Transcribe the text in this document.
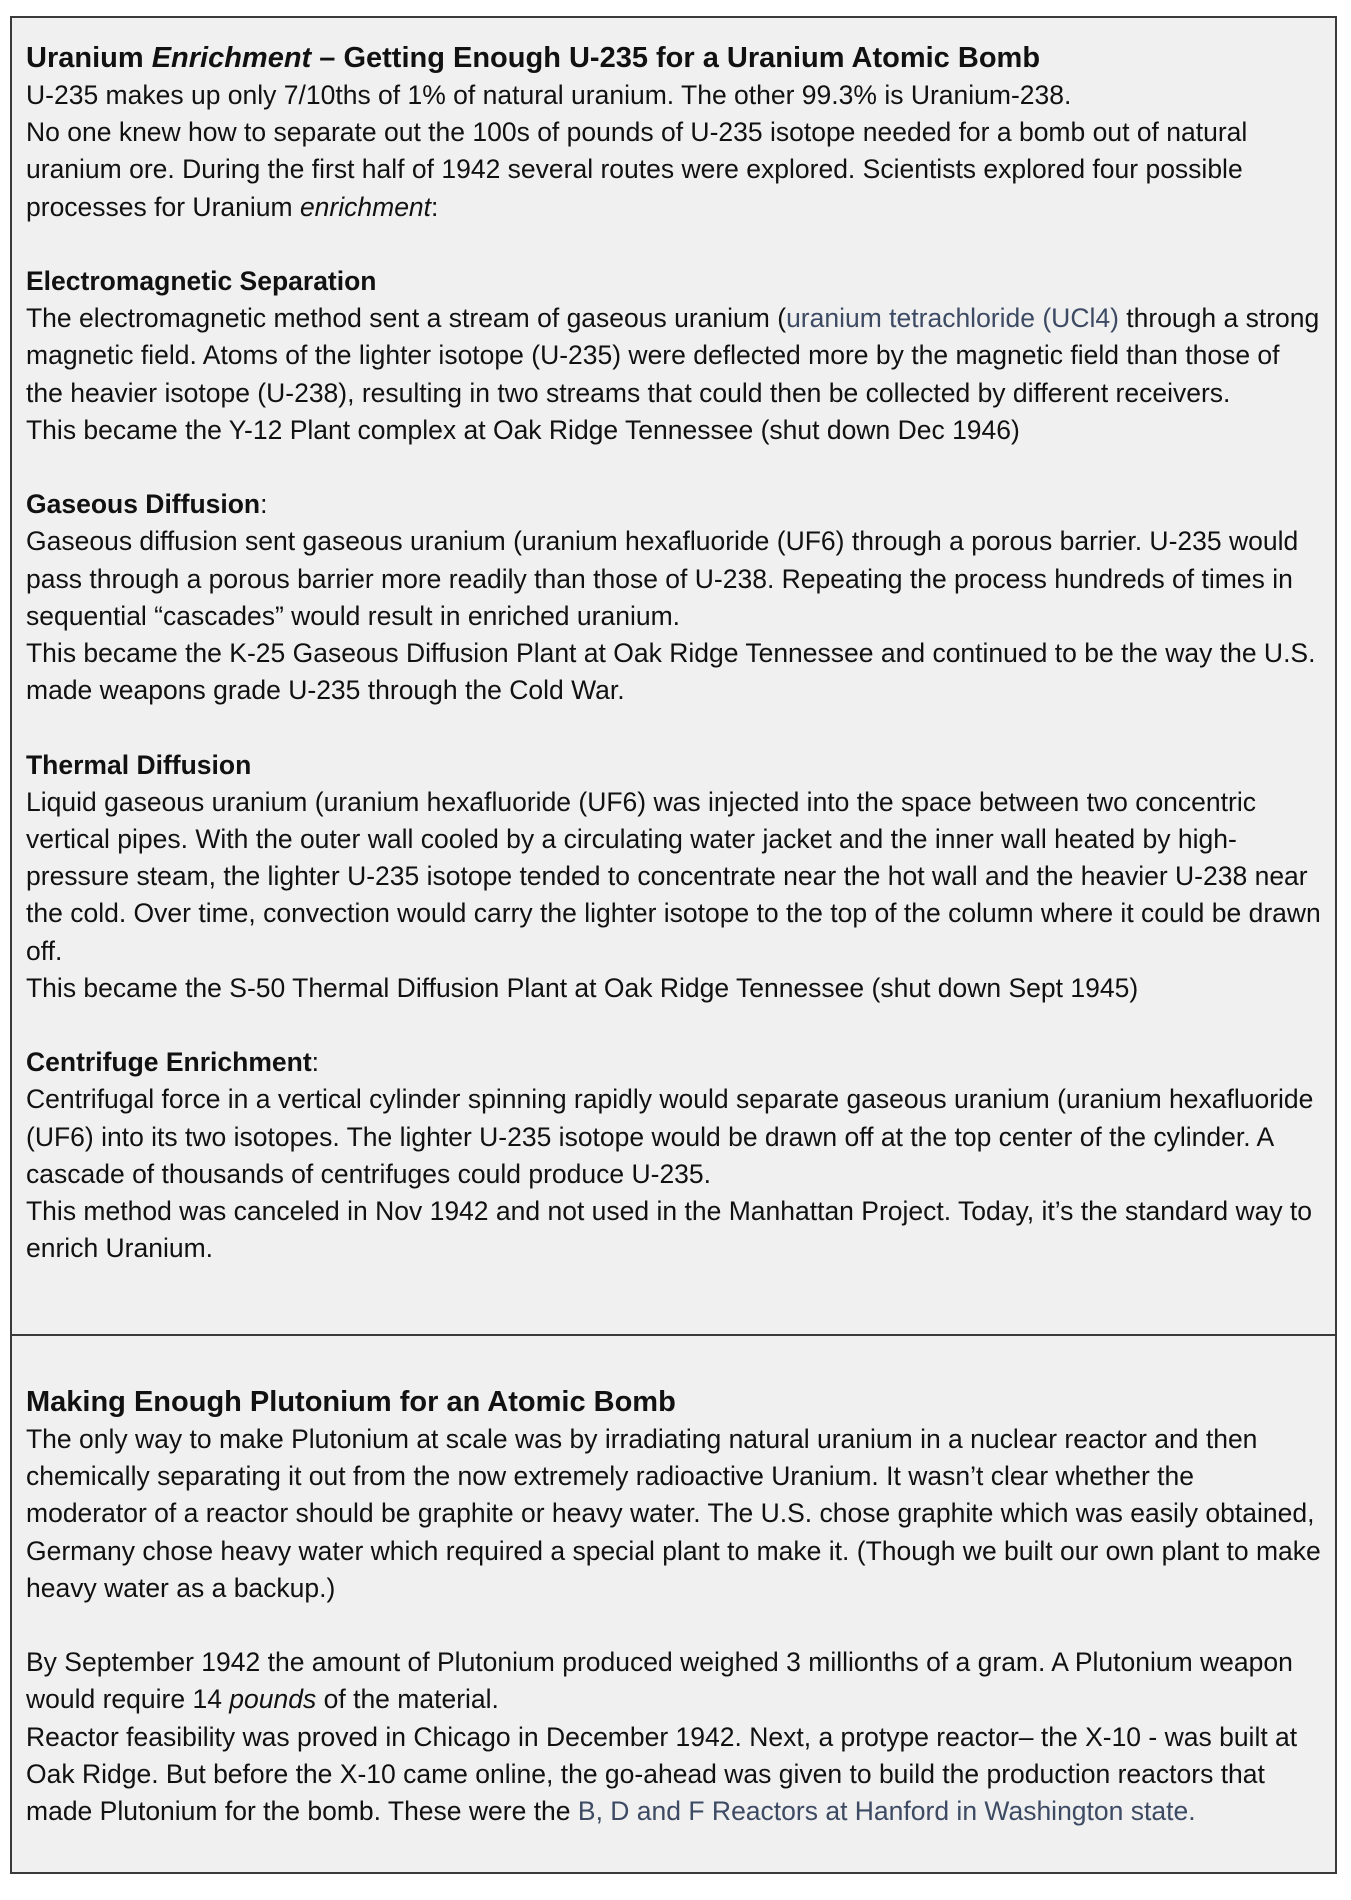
Uranium Enrichment – Getting Enough U-235 for a Uranium Atomic Bomb

U-235 makes up only 7/10ths of 1% of natural uranium. The other 99.3% is Uranium-238.

No one knew how to separate out the 100s of pounds of U-235 isotope needed for a bomb out of natural uranium ore. During the first half of 1942 several routes were explored. Scientists explored four possible processes for Uranium enrichment:

Electromagnetic Separation

The electromagnetic method sent a stream of gaseous uranium (uranium tetrachloride (UCl4) through a strong magnetic field. Atoms of the lighter isotope (U-235) were deflected more by the magnetic field than those of the heavier isotope (U-238), resulting in two streams that could then be collected by different receivers.

This became the Y-12 Plant complex at Oak Ridge Tennessee (shut down Dec 1946)

Gaseous Diffusion:

Gaseous diffusion sent gaseous uranium (uranium hexafluoride (UF6) through a porous barrier. U-235 would pass through a porous barrier more readily than those of U-238. Repeating the process hundreds of times in sequential “cascades” would result in enriched uranium.

This became the K-25 Gaseous Diffusion Plant at Oak Ridge Tennessee and continued to be the way the U.S. made weapons grade U-235 through the Cold War.

Thermal Diffusion

Liquid gaseous uranium (uranium hexafluoride (UF6) was injected into the space between two concentric vertical pipes. With the outer wall cooled by a circulating water jacket and the inner wall heated by high-pressure steam, the lighter U-235 isotope tended to concentrate near the hot wall and the heavier U-238 near the cold. Over time, convection would carry the lighter isotope to the top of the column where it could be drawn off.

This became the S-50 Thermal Diffusion Plant at Oak Ridge Tennessee (shut down Sept 1945)

Centrifuge Enrichment:

Centrifugal force in a vertical cylinder spinning rapidly would separate gaseous uranium (uranium hexafluoride (UF6) into its two isotopes. The lighter U-235 isotope would be drawn off at the top center of the cylinder. A cascade of thousands of centrifuges could produce U-235.

This method was canceled in Nov 1942 and not used in the Manhattan Project. Today, it’s the standard way to enrich Uranium.

Making Enough Plutonium for an Atomic Bomb

The only way to make Plutonium at scale was by irradiating natural uranium in a nuclear reactor and then chemically separating it out from the now extremely radioactive Uranium. It wasn’t clear whether the moderator of a reactor should be graphite or heavy water. The U.S. chose graphite which was easily obtained, Germany chose heavy water which required a special plant to make it. (Though we built our own plant to make heavy water as a backup.)

By September 1942 the amount of Plutonium produced weighed 3 millionths of a gram. A Plutonium weapon would require 14 pounds of the material.

Reactor feasibility was proved in Chicago in December 1942. Next, a protype reactor– the X-10 - was built at Oak Ridge. But before the X-10 came online, the go-ahead was given to build the production reactors that made Plutonium for the bomb. These were the B, D and F Reactors at Hanford in Washington state.
